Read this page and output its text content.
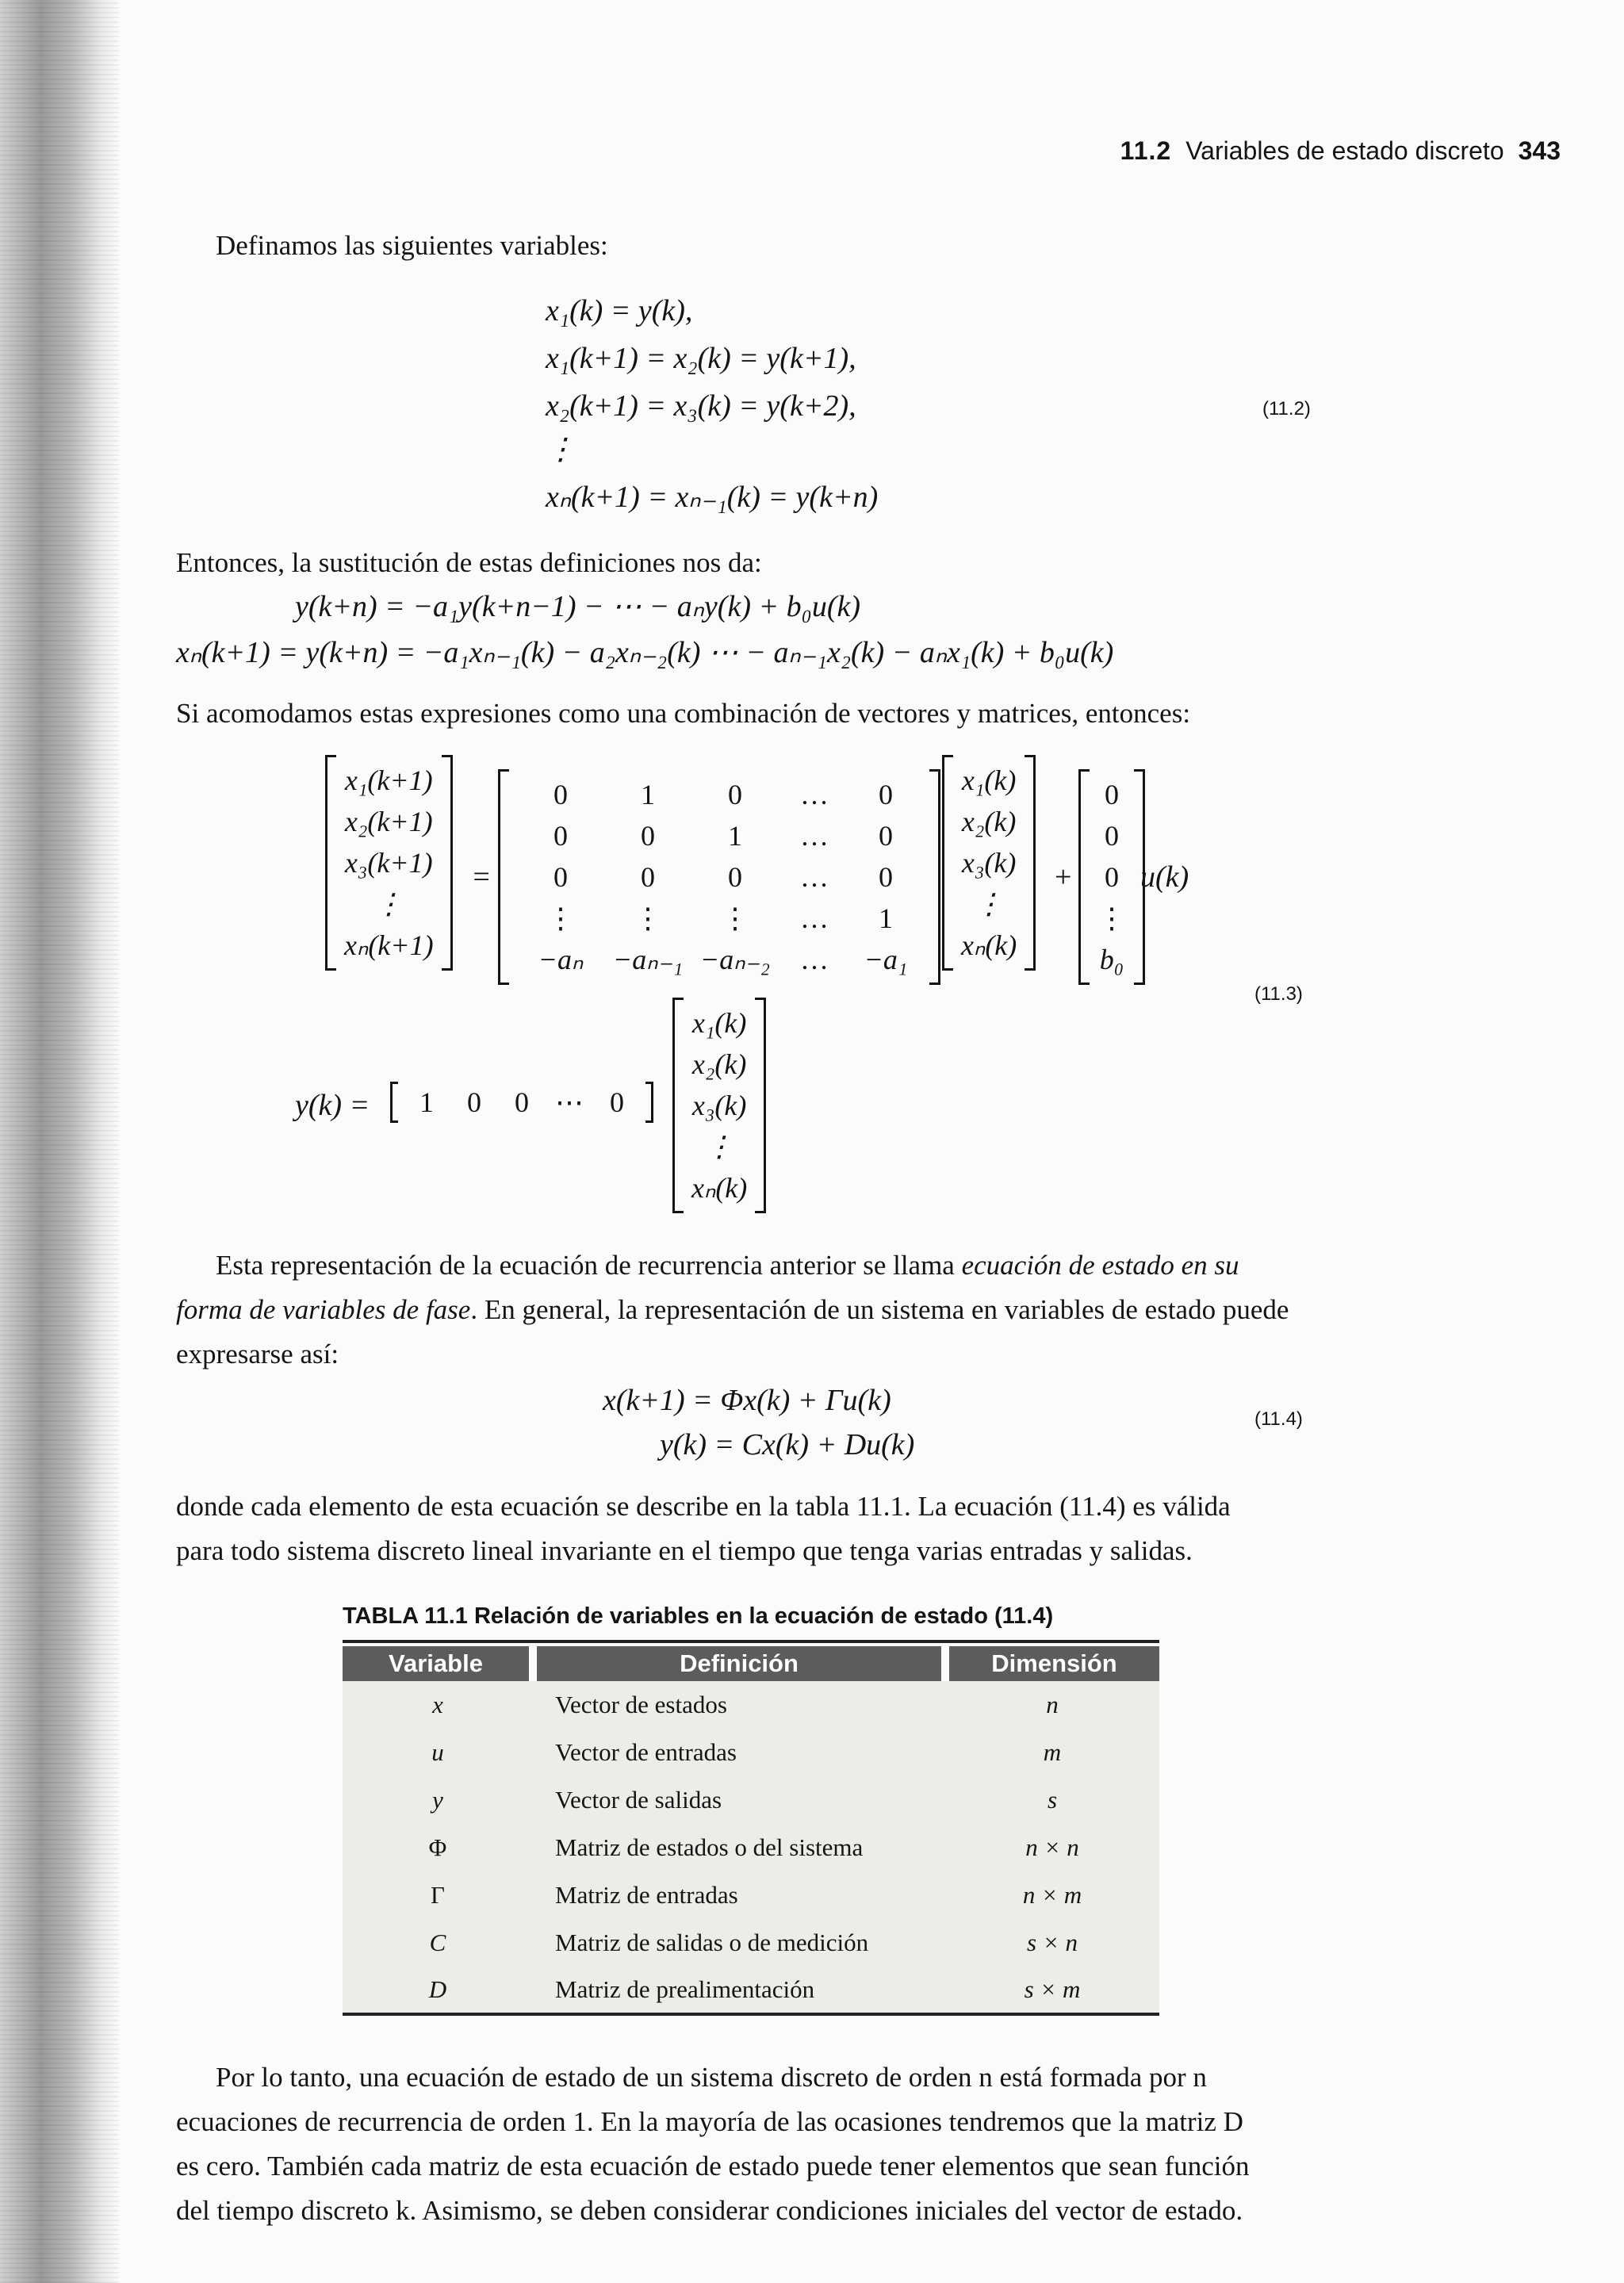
11.2 Variables de estado discreto 343

Definamos las siguientes variables:

x₁(k) = y(k),
x₁(k+1) = x₂(k) = y(k+1),
x₂(k+1) = x₃(k) = y(k+2),
⋮
xₙ(k+1) = xₙ₋₁(k) = y(k+n)
(11.2)

Entonces, la sustitución de estas definiciones nos da:

y(k+n) = −a₁y(k+n−1) − ⋯ − aₙy(k) + b₀u(k)
xₙ(k+1) = y(k+n) = −a₁xₙ₋₁(k) − a₂xₙ₋₂(k) ⋯ − aₙ₋₁x₂(k) − aₙx₁(k) + b₀u(k)

Si acomodamos estas expresiones como una combinación de vectores y matrices, entonces:

x₁(k+1)
x₂(k+1)
x₃(k+1)
⋮
xₙ(k+1)
=
0	1	0 … 0
0	0	1 … 0
0	0	0 … 0
⋮ ⋮ ⋮ … 1
−aₙ −aₙ₋₁ −aₙ₋₂ … −a₁
x₁(k)
x₂(k)
x₃(k)
⋮
xₙ(k)
+
0
0
0
⋮
b₀
u(k)
(11.3)
y(k) = 1 0 0 ⋯ 0
x₁(k)
x₂(k)
x₃(k)
⋮
xₙ(k)
Esta representación de la ecuación de recurrencia anterior se llama ecuación de estado en su
forma de variables de fase. En general, la representación de un sistema en variables de estado puede
expresarse así:
x(k+1) = Φx(k) + Γu(k)
y(k) = Cx(k) + Du(k)
(11.4)
donde cada elemento de esta ecuación se describe en la tabla 11.1. La ecuación (11.4) es válida
para todo sistema discreto lineal invariante en el tiempo que tenga varias entradas y salidas.
TABLA 11.1 Relación de variables en la ecuación de estado (11.4)
Variable	Definición	Dimensión
x	Vector de estados	n
u	Vector de entradas	m
y	Vector de salidas	s
Φ	Matriz de estados o del sistema	n × n
Γ	Matriz de entradas	n × m
C	Matriz de salidas o de medición	s × n
D	Matriz de prealimentación	s × m
Por lo tanto, una ecuación de estado de un sistema discreto de orden n está formada por n
ecuaciones de recurrencia de orden 1. En la mayoría de las ocasiones tendremos que la matriz D
es cero. También cada matriz de esta ecuación de estado puede tener elementos que sean función
del tiempo discreto k. Asimismo, se deben considerar condiciones iniciales del vector de estado.
